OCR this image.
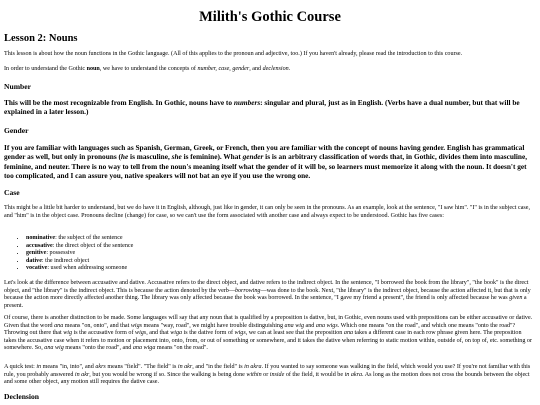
Milith's Gothic Course
Lesson 2: Nouns

This lesson is about how the noun functions in the Gothic language. (All of this applies to the pronoun and adjective, too.) If you haven't already, please read the introduction to this course.

In order to understand the Gothic noun, we have to understand the concepts of number, case, gender, and declension.

Number

This will be the most recognizable from English. In Gothic, nouns have to numbers: singular and plural, just as in English. (Verbs have a dual number, but that will be explained in a later lesson.)

Gender

If you are familiar with languages such as Spanish, German, Greek, or French, then you are familiar with the concept of nouns having gender. English has grammatical gender as well, but only in pronouns (he is masculine, she is feminine). What gender is is an arbitrary classification of words that, in Gothic, divides them into masculine, feminine, and neuter. There is no way to tell from the noun's meaning itself what the gender of it will be, so learners must memorize it along with the noun. It doesn't get too complicated, and I can assure you, native speakers will not bat an eye if you use the wrong one.

Case

This might be a little bit harder to understand, but we do have it in English, although, just like in gender, it can only be seen in the pronouns. As an example, look at the sentence, "I saw him". "I" is in the subject case, and "him" is in the object case. Pronouns decline (change) for case, so we can't use the form associated with another case and always expect to be understood. Gothic has five cases:

• nominative: the subject of the sentence
• accusative: the direct object of the sentence
• genitive: possessive
• dative: the indirect object
• vocative: used when addressing someone

Let's look at the difference between accusative and dative. Accusative refers to the direct object, and dative refers to the indirect object. In the sentence, "I borrowed the book from the library", "the book" is the direct object, and "the library" is the indirect object. This is because the action denoted by the verb—borrowing—was done to the book. Next, "the library" is the indirect object, because the action affected it, but that is only because the action more directly affected another thing. The library was only affected because the book was borrowed. In the sentence, "I gave my friend a present", the friend is only affected because he was given a present.

Of course, there is another distinction to be made. Some languages will say that any noun that is qualified by a preposition is dative, but, in Gothic, even nouns used with prepositions can be either accusative or dative. Given that the word ana means "on, onto", and that wigs means "way, road", we might have trouble distinguishing ana wig and ana wigs. Which one means "on the road", and which one means "onto the road"? Throwing out there that wig is the accusative form of wigs, and that wiga is the dative form of wigs, we can at least see that the preposition ana takes a different case in each row phrase given here. The preposition takes the accusative case when it refers to motion or placement into, onto, from, or out of something or somewhere, and it takes the dative when referring to static motion within, outside of, on top of, etc. something or somewhere. So, ana wig means "onto the road", and ana wiga means "on the road".

A quick test: in means "in, into", and akrs means "field". "The field" is in akr, and "in the field" is in akra. If you wanted to say someone was walking in the field, which would you use? If you're not familiar with this rule, you probably answered in akr, but you would be wrong if so. Since the walking is being done within or inside of the field, it would be in akra. As long as the motion does not cross the bounds between the object and some other object, any motion still requires the dative case.

Declension
